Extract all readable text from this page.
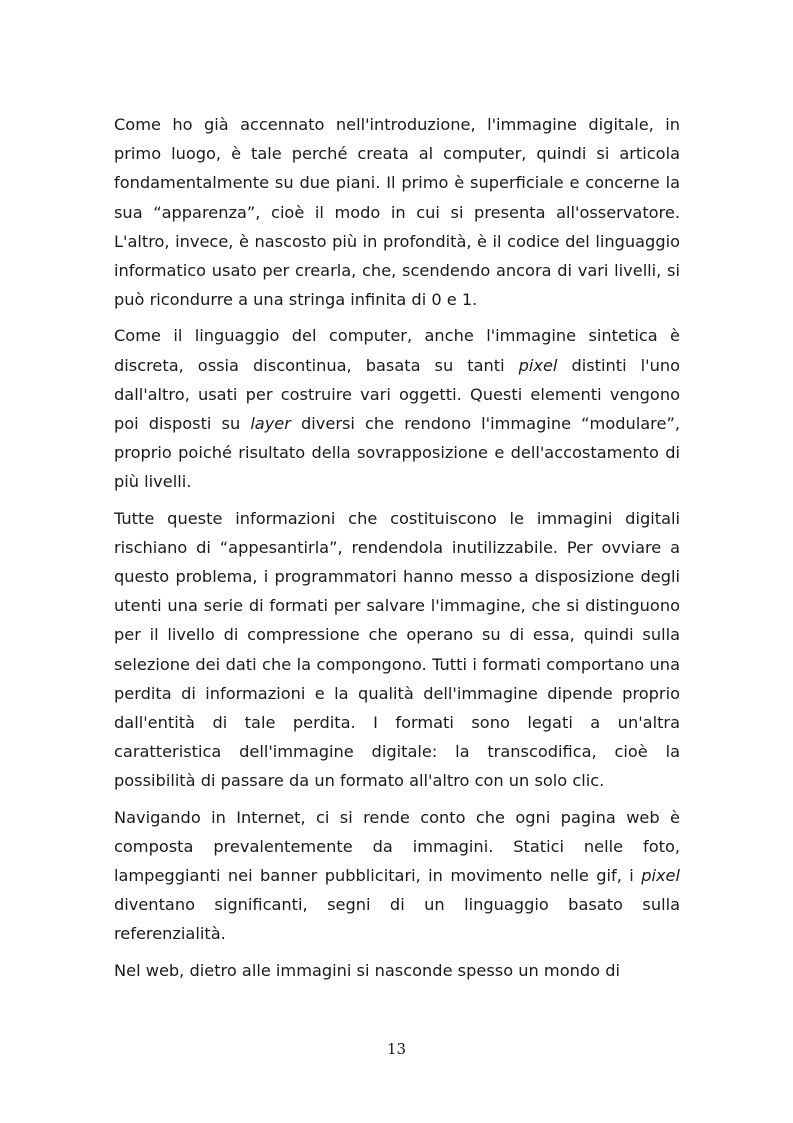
Come ho già accennato nell'introduzione, l'immagine digitale, in primo luogo, è tale perché creata al computer, quindi si articola fondamentalmente su due piani. Il primo è superficiale e concerne la sua “apparenza”, cioè il modo in cui si presenta all'osservatore. L'altro, invece, è nascosto più in profondità, è il codice del linguaggio informatico usato per crearla, che, scendendo ancora di vari livelli, si può ricondurre a una stringa infinita di 0 e 1.

Come il linguaggio del computer, anche l'immagine sintetica è discreta, ossia discontinua, basata su tanti pixel distinti l'uno dall'altro, usati per costruire vari oggetti. Questi elementi vengono poi disposti su layer diversi che rendono l'immagine “modulare”, proprio poiché risultato della sovrapposizione e dell'accostamento di più livelli.

Tutte queste informazioni che costituiscono le immagini digitali rischiano di “appesantirla”, rendendola inutilizzabile. Per ovviare a questo problema, i programmatori hanno messo a disposizione degli utenti una serie di formati per salvare l'immagine, che si distinguono per il livello di compressione che operano su di essa, quindi sulla selezione dei dati che la compongono. Tutti i formati comportano una perdita di informazioni e la qualità dell'immagine dipende proprio dall'entità di tale perdita. I formati sono legati a un'altra caratteristica dell'immagine digitale: la transcodifica, cioè la possibilità di passare da un formato all'altro con un solo clic.

Navigando in Internet, ci si rende conto che ogni pagina web è composta prevalentemente da immagini. Statici nelle foto, lampeggianti nei banner pubblicitari, in movimento nelle gif, i pixel diventano significanti, segni di un linguaggio basato sulla referenzialità.

Nel web, dietro alle immagini si nasconde spesso un mondo di

13
